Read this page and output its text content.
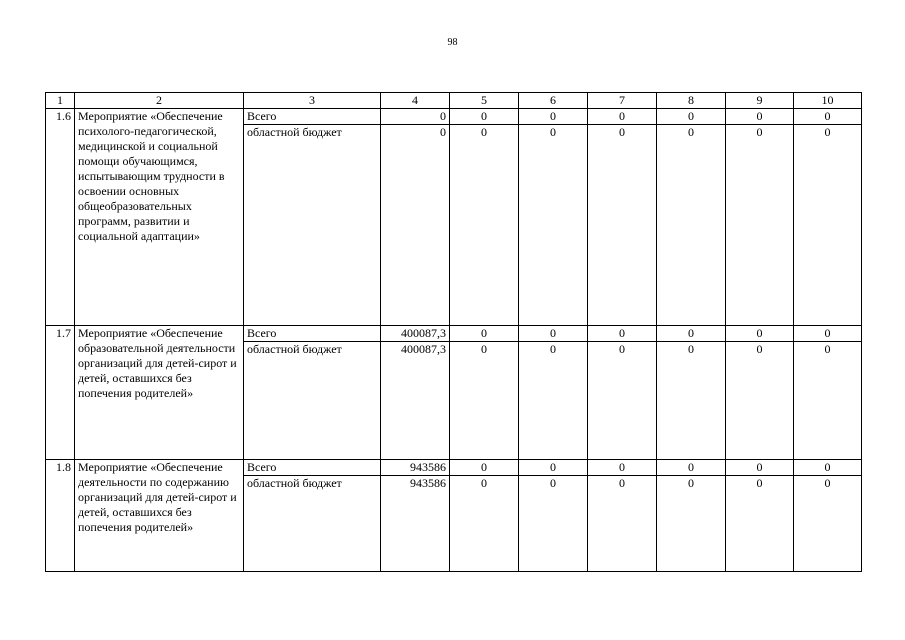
98
1	2	3	4	5	6	7	8	9	10
1.6	Мероприятие «Обеспечение психолого-педагогической, медицинской и социальной помощи обучающимся, испытывающим трудности в освоении основных общеобразовательных программ, развитии и социальной адаптации»	Всего	0	0	0	0	0	0	0
		областной бюджет	0	0	0	0	0	0	0
1.7	Мероприятие «Обеспечение образовательной деятельности организаций для детей-сирот и детей, оставшихся без попечения родителей»	Всего	400087,3	0	0	0	0	0	0
		областной бюджет	400087,3	0	0	0	0	0	0
1.8	Мероприятие «Обеспечение деятельности по содержанию организаций для детей-сирот и детей, оставшихся без попечения родителей»	Всего	943586	0	0	0	0	0	0
		областной бюджет	943586	0	0	0	0	0	0
